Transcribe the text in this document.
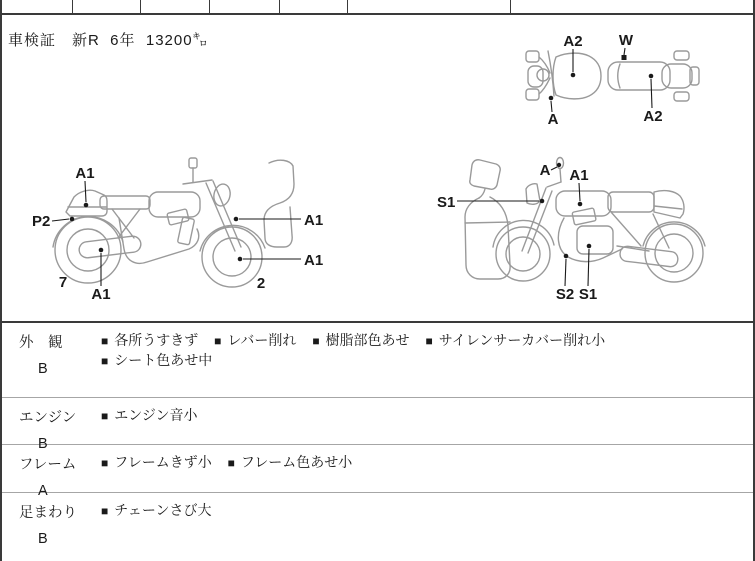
車検証　新R  6年  13200㌔	A2 W
A	A2
A1
P2	A1
A1
7
A1
2
S1
A A1
S2 S1
外　観
B
■ 各所うすきず ■ レバー削れ ■ 樹脂部色あせ ■ サイレンサーカバー削れ小 ■ シート色あせ中
エンジン
B
■ エンジン音小
フレーム
A
■ フレームきず小 ■ フレーム色あせ小
足まわり
B
■ チェーンさび大
